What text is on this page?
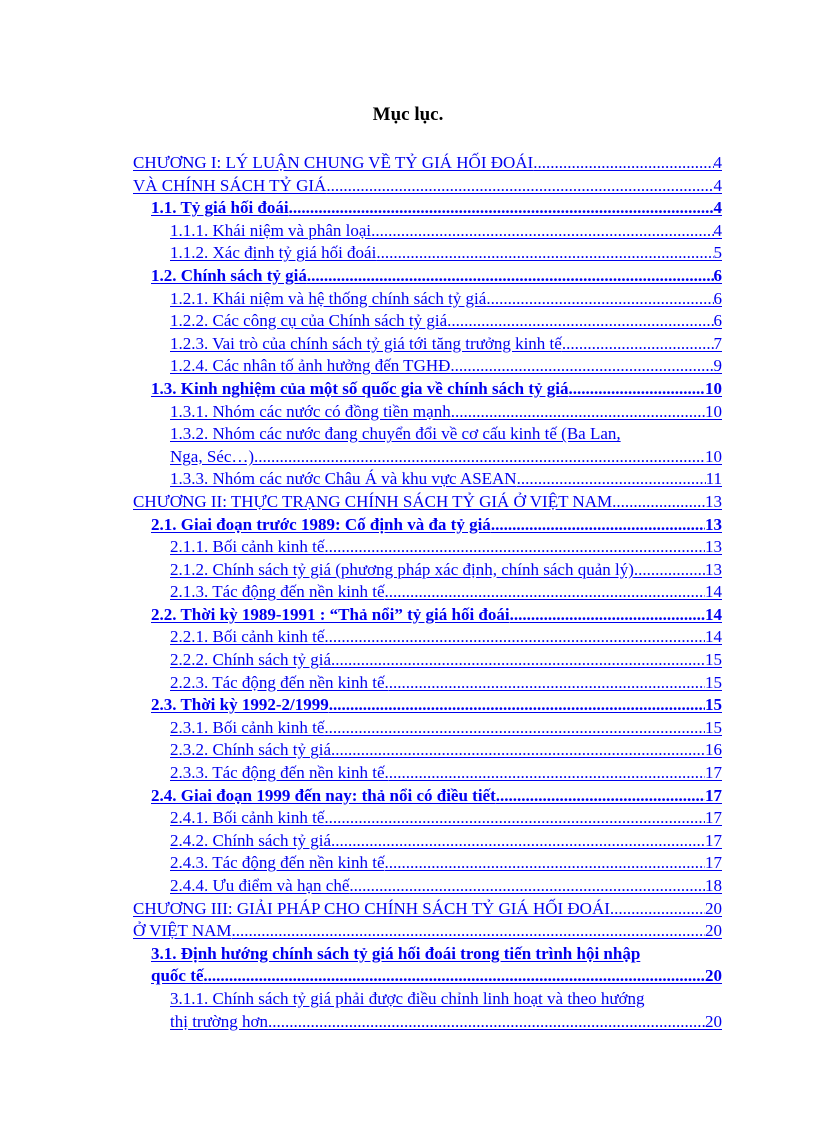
Mục lục.
CHƯƠNG I: LÝ LUẬN CHUNG VỀ TỶ GIÁ HỐI ĐOÁI .....	4
VÀ CHÍNH SÁCH TỶ GIÁ .....	4
1.1. Tỷ giá hối đoái .....	4
1.1.1. Khái niệm và phân loại .....	4
1.1.2. Xác định tỷ giá hối đoái .....	5
1.2. Chính sách tỷ giá .....	6
1.2.1. Khái niệm và hệ thống chính sách tỷ giá .....	6
1.2.2. Các công cụ của Chính sách tỷ giá .....	6
1.2.3. Vai trò của chính sách tỷ giá tới tăng trưởng kinh tế .....	7
1.2.4. Các nhân tố ảnh hưởng đến TGHĐ .....	9
1.3. Kinh nghiệm của một số quốc gia về chính sách tỷ giá .....	10
1.3.1. Nhóm các nước có đồng tiền mạnh .....	10
1.3.2. Nhóm các nước đang chuyển đổi về cơ cấu kinh tế (Ba Lan,
Nga, Séc…) .....	10
1.3.3. Nhóm các nước Châu Á và khu vực ASEAN .....	11
CHƯƠNG II: THỰC TRẠNG CHÍNH SÁCH TỶ GIÁ Ở VIỆT NAM .....	13
2.1. Giai đoạn trước 1989: Cố định và đa tỷ giá .....	13
2.1.1. Bối cảnh kinh tế .....	13
2.1.2. Chính sách tỷ giá (phương pháp xác định, chính sách quản lý) .....	13
2.1.3. Tác động đến nền kinh tế .....	14
2.2. Thời kỳ 1989-1991 : “Thả nổi” tỷ giá hối đoái .....	14
2.2.1. Bối cảnh kinh tế .....	14
2.2.2. Chính sách tỷ giá .....	15
2.2.3. Tác động đến nền kinh tế. .....	15
2.3. Thời kỳ 1992-2/1999 .....	15
2.3.1. Bối cảnh kinh tế .....	15
2.3.2. Chính sách tỷ giá .....	16
2.3.3. Tác động đến nền kinh tế. .....	17
2.4. Giai đoạn 1999 đến nay: thả nổi có điều tiết .....	17
2.4.1. Bối cảnh kinh tế .....	17
2.4.2. Chính sách tỷ giá .....	17
2.4.3. Tác động đến nền kinh tế .....	17
2.4.4. Ưu điểm và hạn chế .....	18
CHƯƠNG III: GIẢI PHÁP CHO CHÍNH SÁCH TỶ GIÁ HỐI ĐOÁI .....	20
Ở VIỆT NAM .....	20
3.1. Định hướng chính sách tỷ giá hối đoái trong tiến trình hội nhập
quốc tế .....	20
3.1.1. Chính sách tỷ giá phải được điều chỉnh linh hoạt và theo hướng
thị trường hơn .....	20
